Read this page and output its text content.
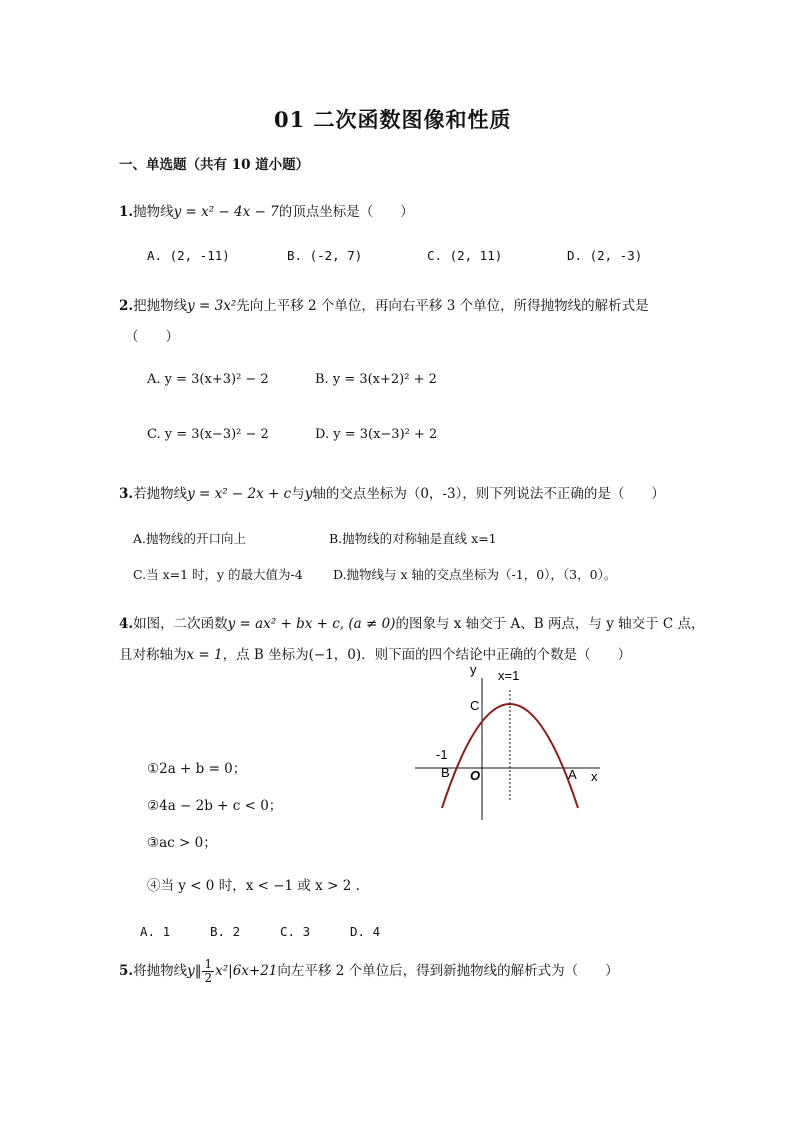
01 二次函数图像和性质
一、单选题（共有 10 道小题）
1.抛物线y = x² − 4x − 7的顶点坐标是（　　）
A. (2, -11)	B. (-2, 7)	C. (2, 11)	D. (2, -3)
2.把抛物线y = 3x²先向上平移 2 个单位，再向右平移 3 个单位，所得抛物线的解析式是
（　　）
A. y = 3(x+3)² − 2	B. y = 3(x+2)² + 2
C. y = 3(x−3)² − 2	D. y = 3(x−3)² + 2
3.若抛物线y = x² − 2x + c与y轴的交点坐标为（0，-3），则下列说法不正确的是（　　）
A.抛物线的开口向上	B.抛物线的对称轴是直线 x=1
C.当 x=1 时，y 的最大值为-4 D.抛物线与 x 轴的交点坐标为（-1，0），（3，0）。
4.如图，二次函数y = ax² + bx + c, (a ≠ 0)的图象与 x 轴交于 A、B 两点，与 y 轴交于 C 点，
且对称轴为x = 1，点 B 坐标为(−1，0)．则下面的四个结论中正确的个数是（　　）
①2a + b = 0；
②4a − 2b + c < 0；
③ac > 0；
④当 y < 0 时，x < −1 或 x > 2 .
y x=1
C
-1
B O	A x
A. 1	B. 2	C. 3	D. 4
5.将抛物线y‖ $\frac{1}{2} x^2|6x+21$向左平移 2 个单位后，得到新抛物线的解析式为（　　）
